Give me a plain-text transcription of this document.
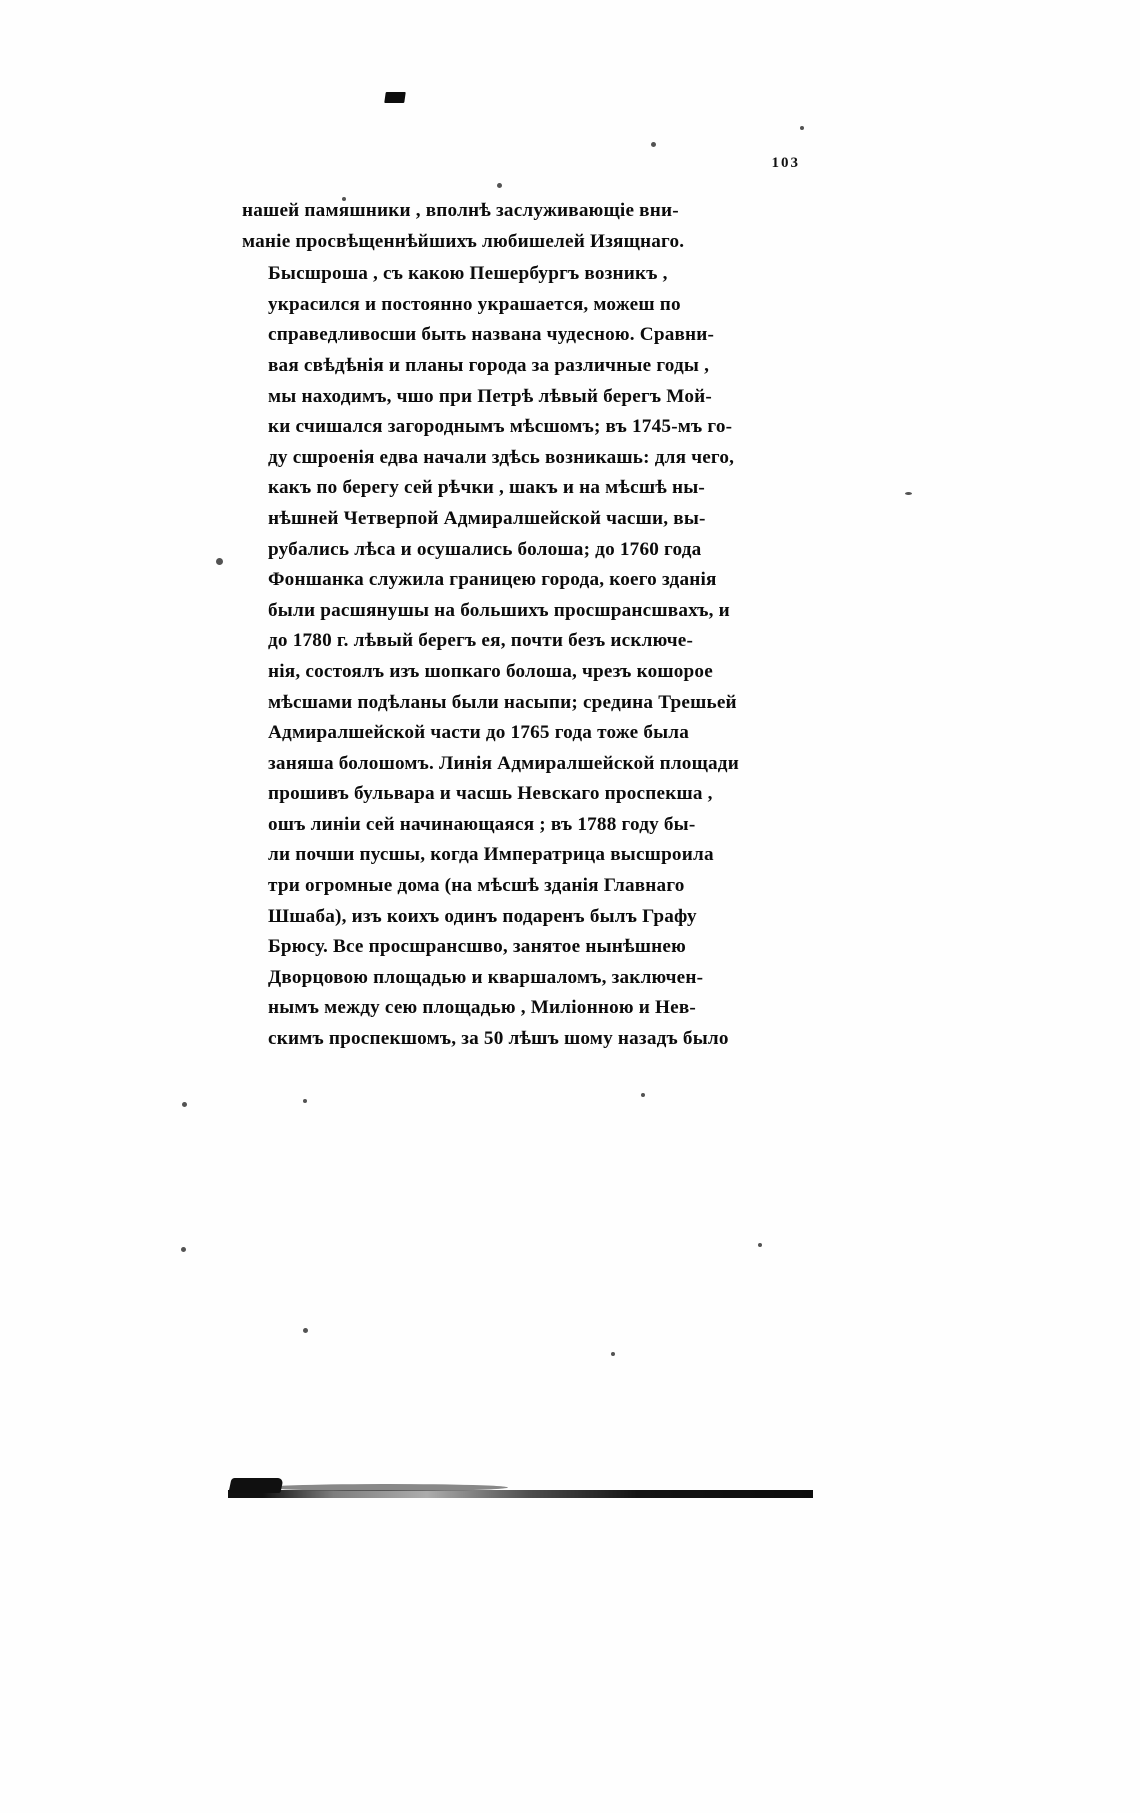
103

нашей памяшники , вполнѣ заслуживающіе вни-
маніе просвѣщеннѣйшихъ любишелей Изящнаго.

Бысшроша , съ какою Пешербургъ возникъ ,
украсился и постоянно украшается, можеш по
справедливосши быть названа чудесною. Сравни-
вая свѣдѣнія и планы города за различные годы ,
мы находимъ, чшо при Пeтрѣ лѣвый берегъ Мой-
ки счишался загороднымъ мѣсшомъ; въ 1745-мъ го-
ду сшроенія едва начали здѣсь возникашь: для чего,
какъ по берегу сей рѣчки , шакъ и на мѣсшѣ ны-
нѣшней Четверпой Адмиралшейской часши, вы-
рубались лѣса и осушались болоша; до 1760 года
Фоншанка служила границею города, коего зданія
были расшянушы на большихъ просшрансшвахъ, и
до 1780 г. лѣвый берегъ ея, почти безъ исключе-
нія, состоялъ изъ шопкаго болоша, чрезъ кошорое
мѣсшами подѣланы были насыпи; средина Трешьей
Адмиралшейской части до 1765 года тоже была
заняша болошомъ. Линія Адмиралшейской площади
прошивъ бульвара и часшь Невскаго проспекша ,
ошъ линіи сей начинающаяся ; въ 1788 году бы-
ли почши пусшы, когда Императрица высшроила
три огромные дома (на мѣсшѣ зданія Главнаго
Шшаба), изъ коихъ одинъ подаренъ былъ Графу
Брюсу. Все просшрансшво, занятое нынѣшнею
Дворцовою площадью и кваршаломъ, заключен-
нымъ между сею площадью , Миліонною и Нев-
скимъ проспекшомъ, за 50 лѣшъ шому назадъ было
